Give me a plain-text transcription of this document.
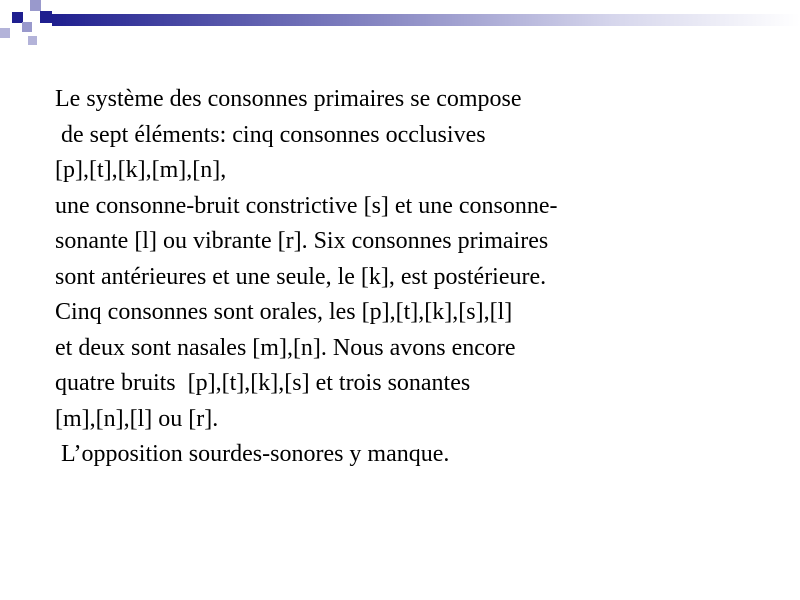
Le système des consonnes primaires se compose
de sept éléments: cinq consonnes occlusives
[p],[t],[k],[m],[n],
une consonne-bruit constrictive [s] et une consonne-
sonante [l] ou vibrante [r]. Six consonnes primaires
sont antérieures et une seule, le [k], est postérieure.
Cinq consonnes sont orales, les [p],[t],[k],[s],[l]
et deux sont nasales [m],[n]. Nous avons encore
quatre bruits  [p],[t],[k],[s] et trois sonantes
[m],[n],[l] ou [r].
L’opposition sourdes-sonores y manque.
